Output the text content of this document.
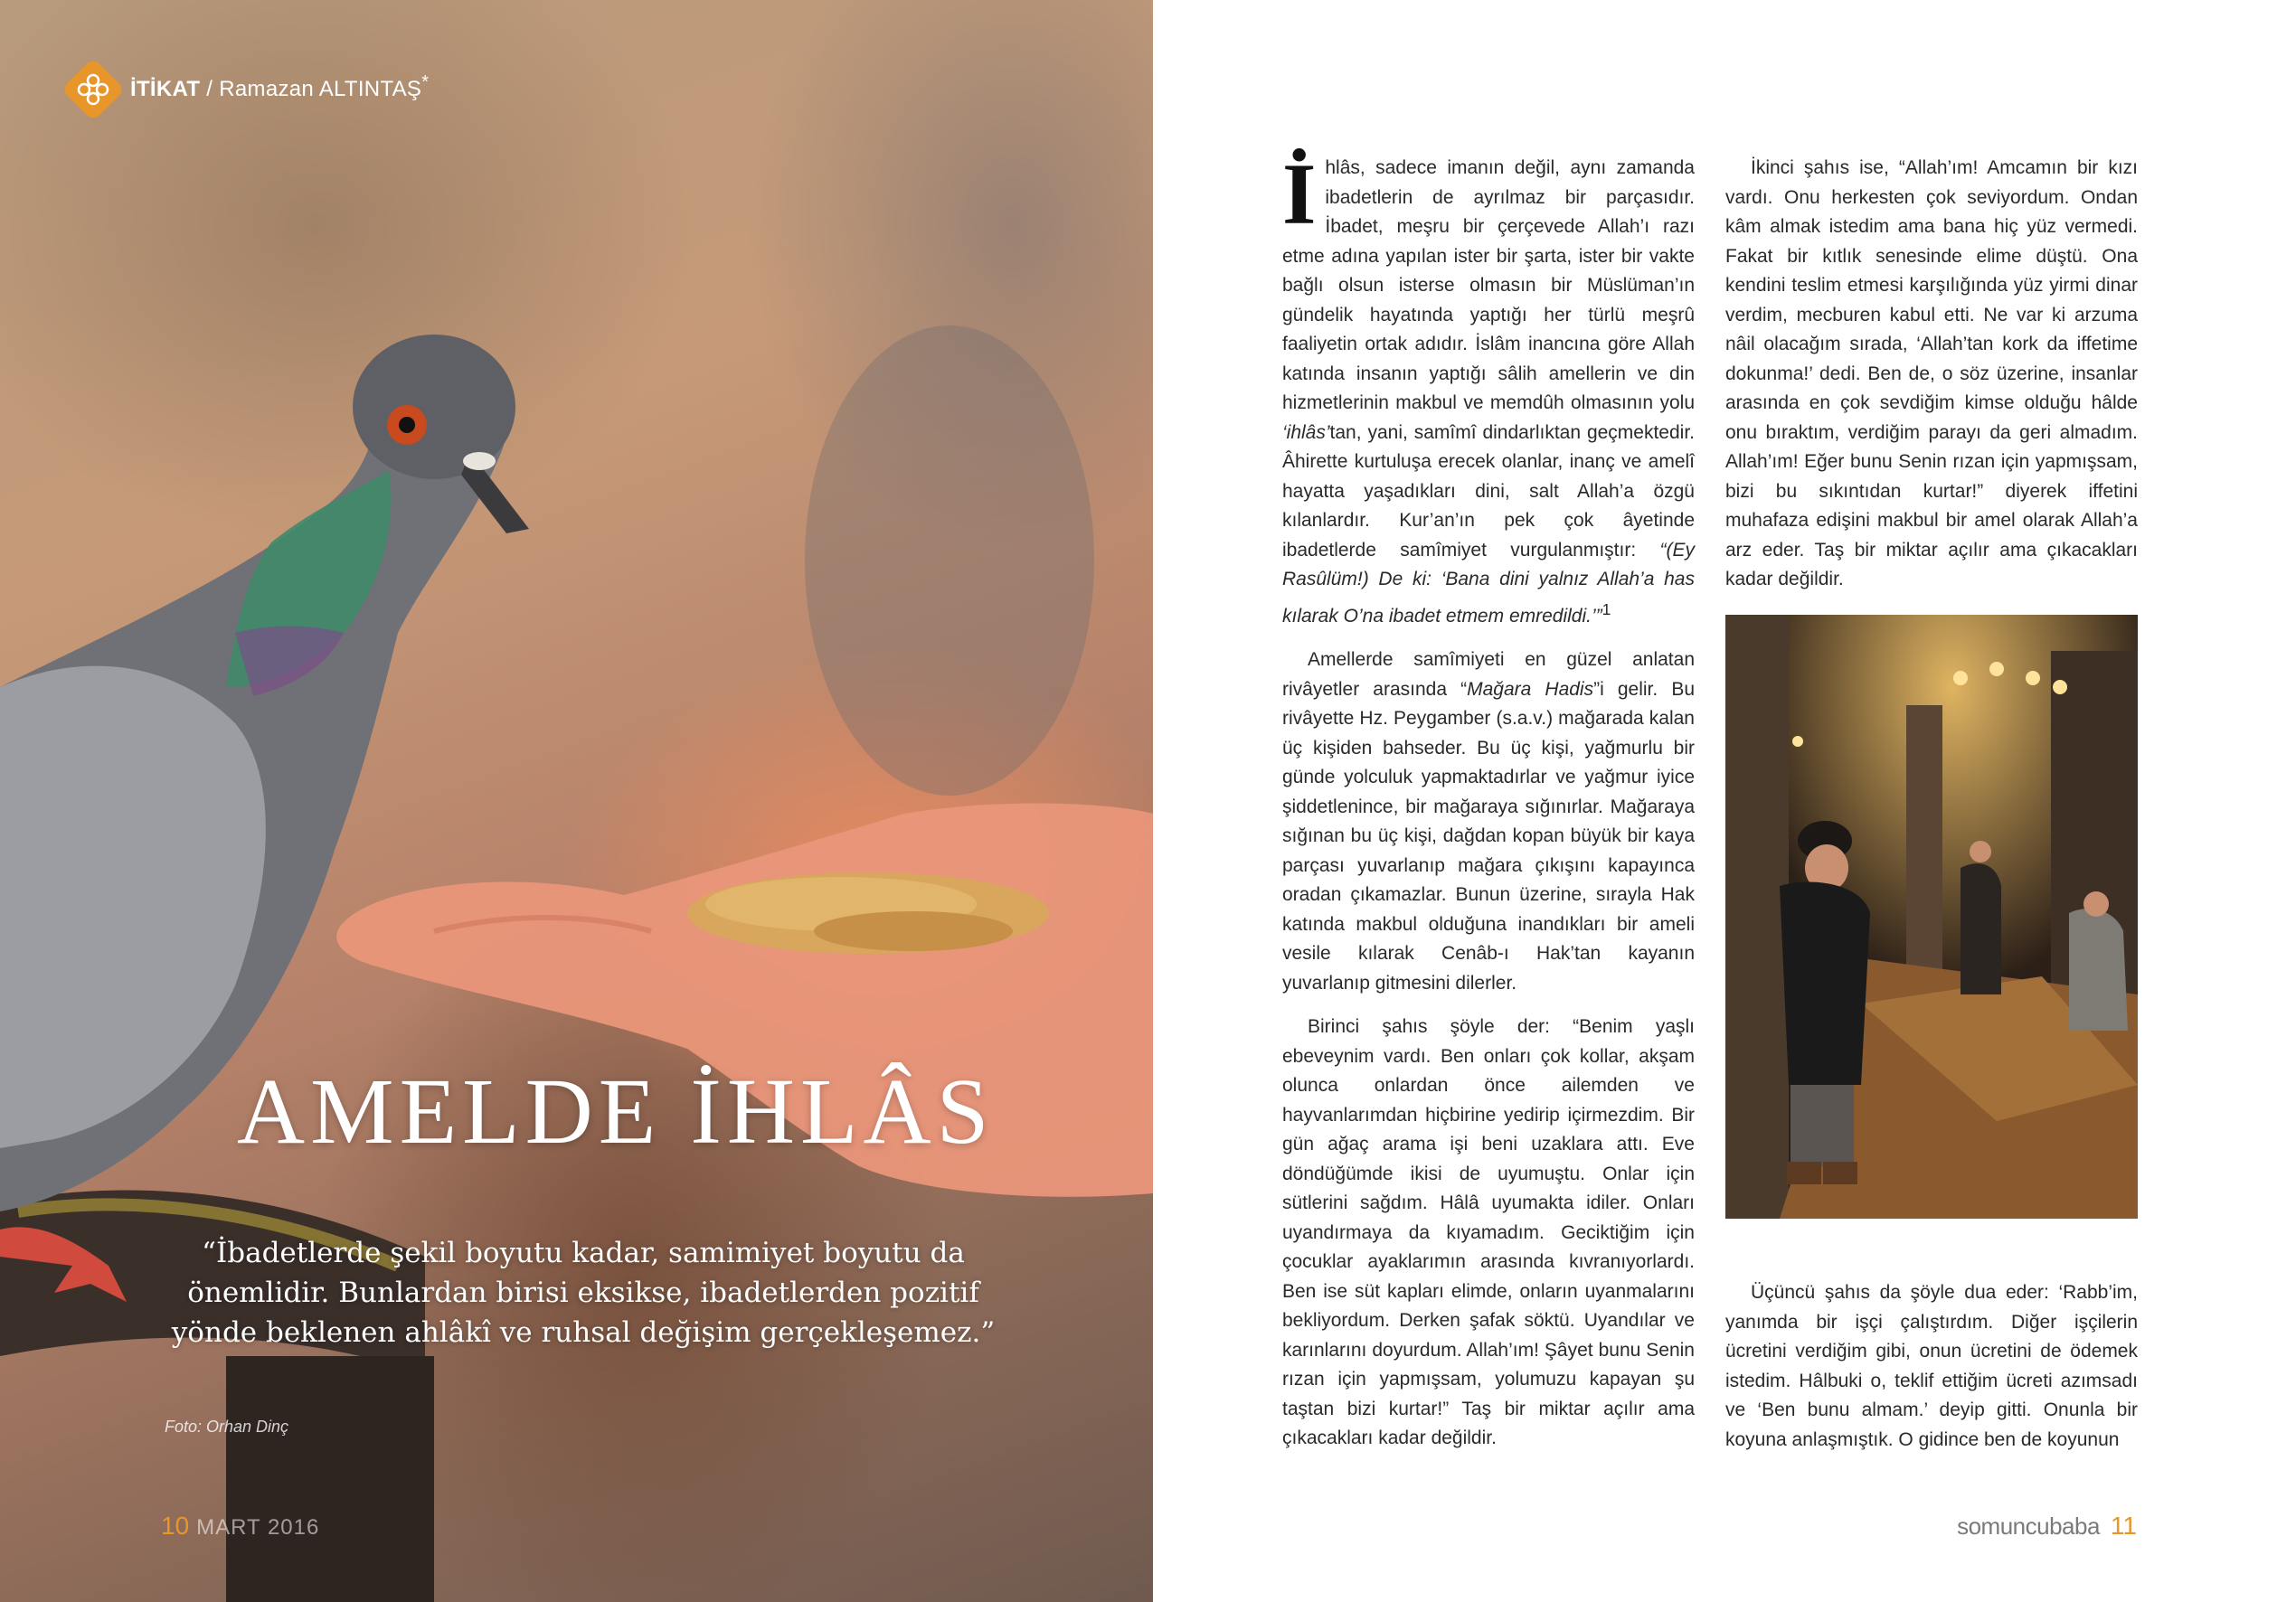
İTİKAT / Ramazan ALTINTAŞ*
AMELDE İHLÂS
“İbadetlerde şekil boyutu kadar, samimiyet boyutu da önemlidir. Bunlardan birisi eksikse, ibadetlerden pozitif yönde beklenen ahlâkî ve ruhsal değişim gerçekleşemez.”
Foto: Orhan Dinç
10 MART 2016

İhlâs, sadece imanın değil, aynı zamanda ibadetlerin de ayrılmaz bir parçasıdır. İbadet, meşru bir çerçevede Allah’ı razı etme adına yapılan ister bir şarta, ister bir vakte bağlı olsun isterse olmasın bir Müslüman’ın gündelik hayatında yaptığı her türlü meşrû faaliyetin ortak adıdır. İslâm inancına göre Allah katında insanın yaptığı sâlih amellerin ve din hizmetlerinin makbul ve memdûh olmasının yolu ‘ihlâs’tan, yani, samîmî dindarlıktan geçmektedir. Âhirette kurtuluşa erecek olanlar, inanç ve amelî hayatta yaşadıkları dini, salt Allah’a özgü kılanlardır. Kur’an’ın pek çok âyetinde ibadetlerde samîmiyet vurgulanmıştır: “(Ey Rasûlüm!) De ki: ‘Bana dini yalnız Allah’a has kılarak O’na ibadet etmem emredildi.’”$^1$

Amellerde samîmiyeti en güzel anlatan rivâyetler arasında “Mağara Hadis”i gelir. Bu rivâyette Hz. Peygamber (s.a.v.) mağarada kalan üç kişiden bahseder. Bu üç kişi, yağmurlu bir günde yolculuk yapmaktadırlar ve yağmur iyice şiddetlenince, bir mağaraya sığınırlar. Mağaraya sığınan bu üç kişi, dağdan kopan büyük bir kaya parçası yuvarlanıp mağara çıkışını kapayınca oradan çıkamazlar. Bunun üzerine, sırayla Hak katında makbul olduğuna inandıkları bir ameli vesile kılarak Cenâb-ı Hak’tan kayanın yuvarlanıp gitmesini dilerler.

Birinci şahıs şöyle der: “Benim yaşlı ebeveynim vardı. Ben onları çok kollar, akşam olunca onlardan önce ailemden ve hayvanlarımdan hiçbirine yedirip içirmezdim. Bir gün ağaç arama işi beni uzaklara attı. Eve döndüğümde ikisi de uyumuştu. Onlar için sütlerini sağdım. Hâlâ uyumakta idiler. Onları uyandırmaya da kıyamadım. Geciktiğim için çocuklar ayaklarımın arasında kıvranıyorlardı. Ben ise süt kapları elimde, onların uyanmalarını bekliyordum. Derken şafak söktü. Uyandılar ve karınlarını doyurdum. Allah’ım! Şâyet bunu Senin rızan için yapmışsam, yolumuzu kapayan şu taştan bizi kurtar!” Taş bir miktar açılır ama çıkacakları kadar değildir.

İkinci şahıs ise, “Allah’ım! Amcamın bir kızı vardı. Onu herkesten çok seviyordum. Ondan kâm almak istedim ama bana hiç yüz vermedi. Fakat bir kıtlık senesinde elime düştü. Ona kendini teslim etmesi karşılığında yüz yirmi dinar verdim, mecburen kabul etti. Ne var ki arzuma nâil olacağım sırada, ‘Allah’tan kork da iffetime dokunma!’ dedi. Ben de, o söz üzerine, insanlar arasında en çok sevdiğim kimse olduğu hâlde onu bıraktım, verdiğim parayı da geri almadım. Allah’ım! Eğer bunu Senin rızan için yapmışsam, bizi bu sıkıntıdan kurtar!” diyerek iffetini muhafaza edişini makbul bir amel olarak Allah’a arz eder. Taş bir miktar açılır ama çıkacakları kadar değildir.

Üçüncü şahıs da şöyle dua eder: ‘Rabb’im, yanımda bir işçi çalıştırdım. Diğer işçilerin ücretini verdiğim gibi, onun ücretini de ödemek istedim. Hâlbuki o, teklif ettiğim ücreti azımsadı ve ‘Ben bunu almam.’ deyip gitti. Onunla bir koyuna anlaşmıştık. O gidince ben de koyunun

somuncubaba 11
